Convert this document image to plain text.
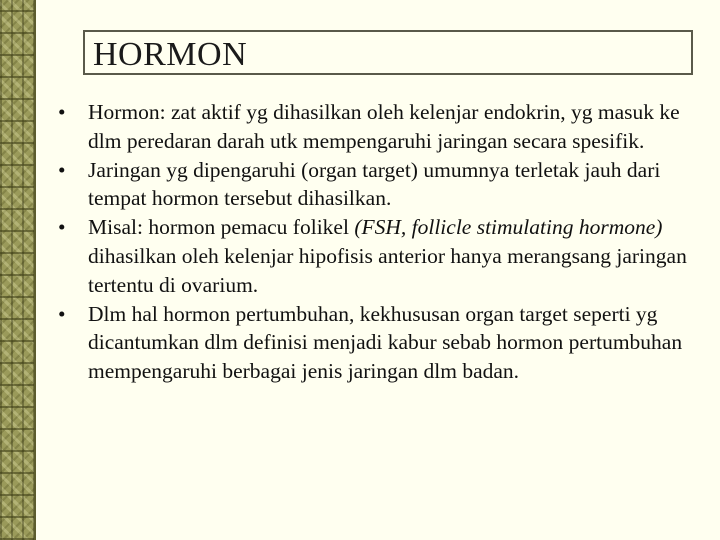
HORMON
• Hormon: zat aktif yg dihasilkan oleh kelenjar endokrin, yg masuk ke dlm peredaran darah utk mempengaruhi jaringan secara spesifik.
• Jaringan yg dipengaruhi (organ target) umumnya terletak jauh dari tempat hormon tersebut dihasilkan.
• Misal: hormon pemacu folikel (FSH, follicle stimulating hormone) dihasilkan oleh kelenjar hipofisis anterior hanya merangsang jaringan tertentu di ovarium.
• Dlm hal hormon pertumbuhan, kekhususan organ target seperti yg dicantumkan dlm definisi menjadi kabur sebab hormon pertumbuhan mempengaruhi berbagai jenis jaringan dlm badan.
